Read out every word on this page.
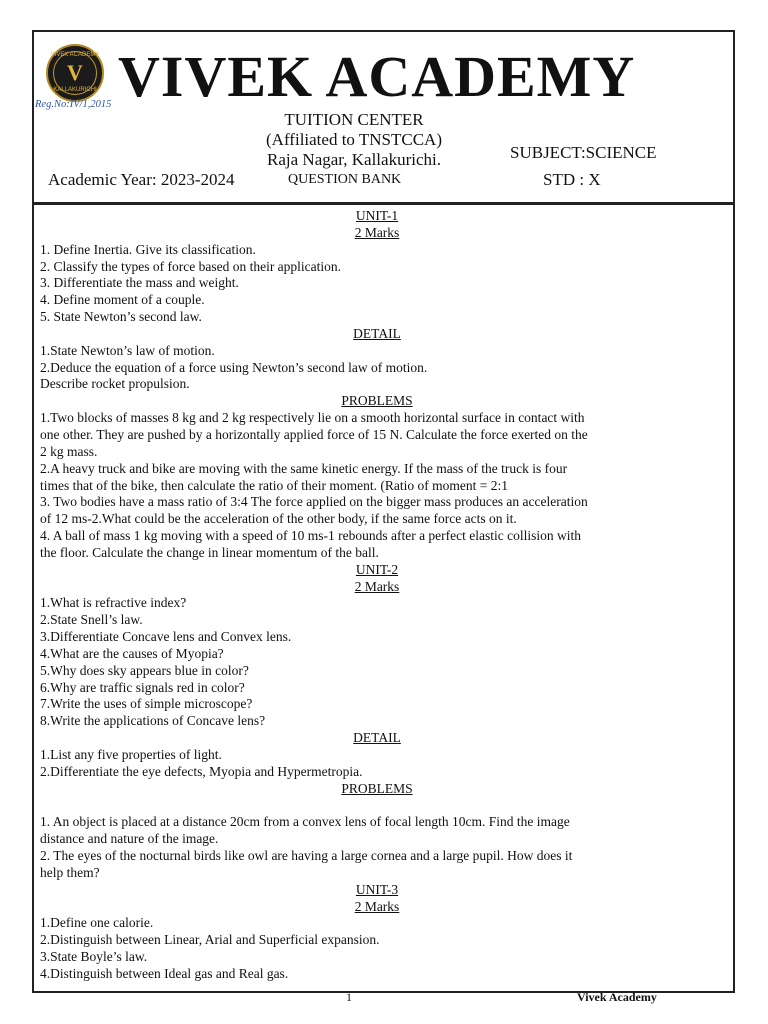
VIVEK ACADEMY
V
KALLAKURICHI
Reg.No:IV/1,2015 VIVEK ACADEMY
TUITION CENTER
(Affiliated to TNSTCCA)
Raja Nagar, Kallakurichi.	SUBJECT:SCIENCE
Academic Year: 2023-2024	QUESTION BANK	STD : X
UNIT-1
2 Marks
1. Define Inertia. Give its classification.
2. Classify the types of force based on their application.
3. Differentiate the mass and weight.
4. Define moment of a couple.
5. State Newton’s second law.
DETAIL
1.State Newton’s law of motion.
2.Deduce the equation of a force using Newton’s second law of motion.
Describe rocket propulsion.
PROBLEMS
1.Two blocks of masses 8 kg and 2 kg respectively lie on a smooth horizontal surface in contact with
one other. They are pushed by a horizontally applied force of 15 N. Calculate the force exerted on the
2 kg mass.
2.A heavy truck and bike are moving with the same kinetic energy. If the mass of the truck is four
times that of the bike, then calculate the ratio of their moment. (Ratio of moment = 2:1
3. Two bodies have a mass ratio of 3:4 The force applied on the bigger mass produces an acceleration
of 12 ms-2.What could be the acceleration of the other body, if the same force acts on it.
4. A ball of mass 1 kg moving with a speed of 10 ms-1 rebounds after a perfect elastic collision with
the floor. Calculate the change in linear momentum of the ball.
UNIT-2
2 Marks
1.What is refractive index?
2.State Snell’s law.
3.Differentiate Concave lens and Convex lens.
4.What are the causes of Myopia?
5.Why does sky appears blue in color?
6.Why are traffic signals red in color?
7.Write the uses of simple microscope?
8.Write the applications of Concave lens?
DETAIL
1.List any five properties of light.
2.Differentiate the eye defects, Myopia and Hypermetropia.
PROBLEMS
1. An object is placed at a distance 20cm from a convex lens of focal length 10cm. Find the image
distance and nature of the image.
2. The eyes of the nocturnal birds like owl are having a large cornea and a large pupil. How does it
help them?
UNIT-3
2 Marks
1.Define one calorie.
2.Distinguish between Linear, Arial and Superficial expansion.
3.State Boyle’s law.
4.Distinguish between Ideal gas and Real gas.
1	Vivek Academy
